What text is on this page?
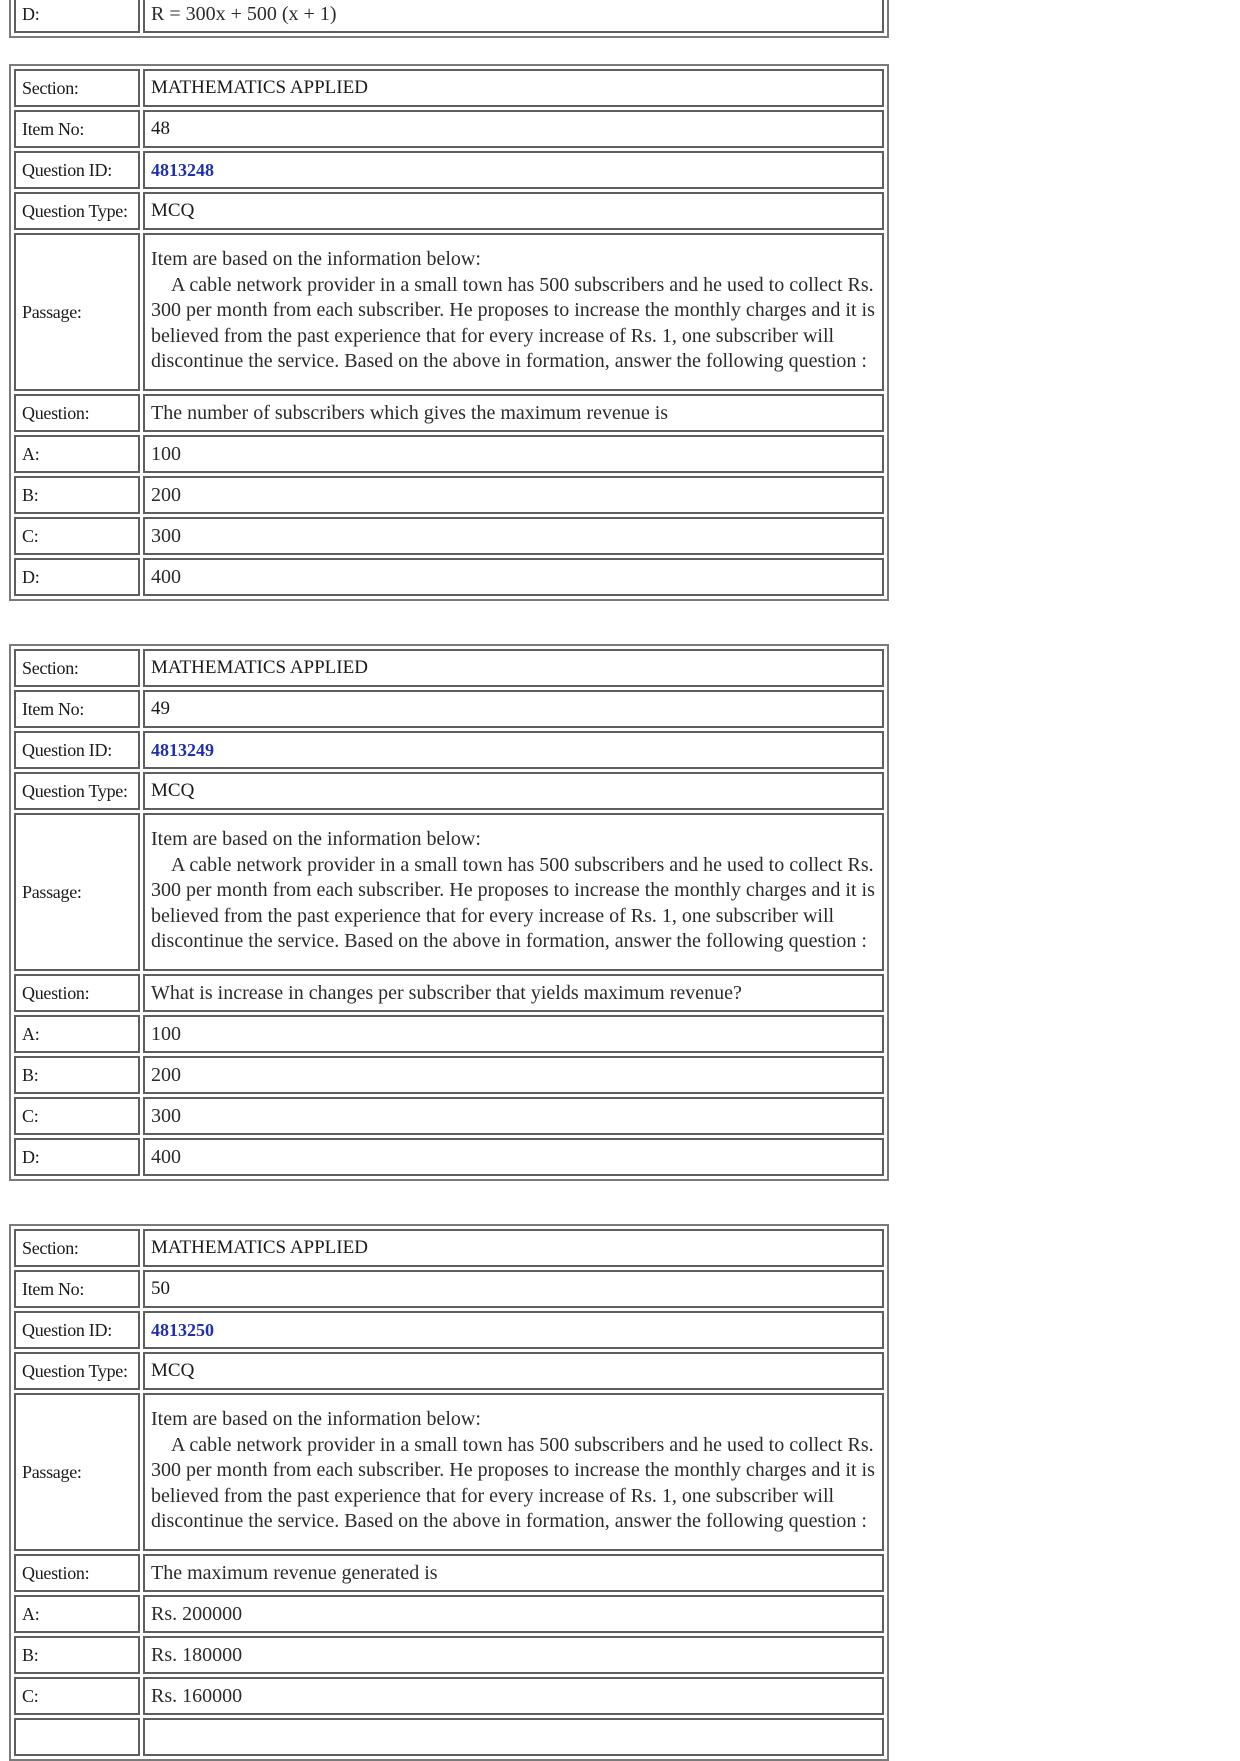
D:	R = 300x + 500 (x + 1)
Section:	MATHEMATICS APPLIED
Item No:	48
Question ID:	4813248
Question Type:	MCQ
Passage:	Item are based on the information below:
A cable network provider in a small town has 500 subscribers and he used to collect Rs. 300 per month from each subscriber. He proposes to increase the monthly charges and it is believed from the past experience that for every increase of Rs. 1, one subscriber will discontinue the service. Based on the above in formation, answer the following question :

Question:	The number of subscribers which gives the maximum revenue is
A:	100
B:	200
C:	300
D:	400
Section:	MATHEMATICS APPLIED
Item No:	49
Question ID:	4813249
Question Type:	MCQ
Passage:	Item are based on the information below:
A cable network provider in a small town has 500 subscribers and he used to collect Rs. 300 per month from each subscriber. He proposes to increase the monthly charges and it is believed from the past experience that for every increase of Rs. 1, one subscriber will discontinue the service. Based on the above in formation, answer the following question :

Question:	What is increase in changes per subscriber that yields maximum revenue?
A:	100
B:	200
C:	300
D:	400
Section:	MATHEMATICS APPLIED
Item No:	50
Question ID:	4813250
Question Type:	MCQ
Passage:	Item are based on the information below:
A cable network provider in a small town has 500 subscribers and he used to collect Rs. 300 per month from each subscriber. He proposes to increase the monthly charges and it is believed from the past experience that for every increase of Rs. 1, one subscriber will discontinue the service. Based on the above in formation, answer the following question :

Question:	The maximum revenue generated is
A:	Rs. 200000
B:	Rs. 180000
C:	Rs. 160000
